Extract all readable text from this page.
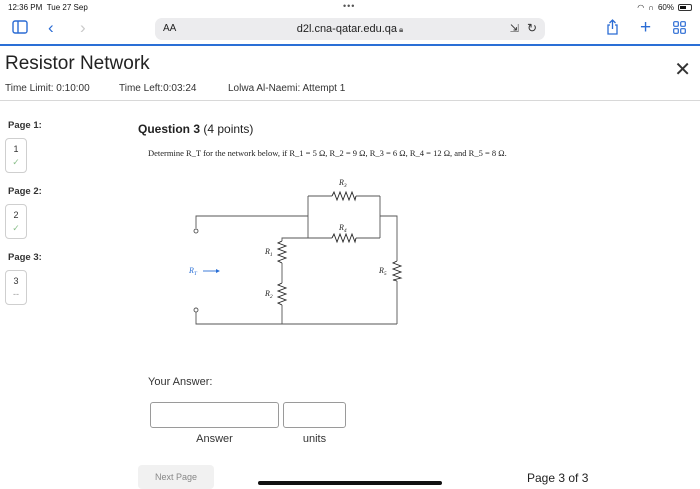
12:36 PM Tue 27 Sep	•••	◠ ∩ 60%
‹ ›	AA	d2l.cna-qatar.edu.qa 🔒︎	⇲ ↻	+
Resistor Network	✕
Time Limit: 0:10:00	Time Left:0:03:24	Lolwa Al-Naemi: Attempt 1
Page 1:
1
✓
Page 2:
2
✓
Page 3:
3
--
Question 3 (4 points)
Determine R_T for the network below, if R_1 = 5 Ω, R_2 = 9 Ω, R_3 = 6 Ω, R_4 = 12 Ω, and R_5 = 8 Ω.
$R_3$
$R_4$
$R_1$
$R_2$
$R_5$
$R_T$
Your Answer:
Answer	units
Next Page	Page 3 of 3
